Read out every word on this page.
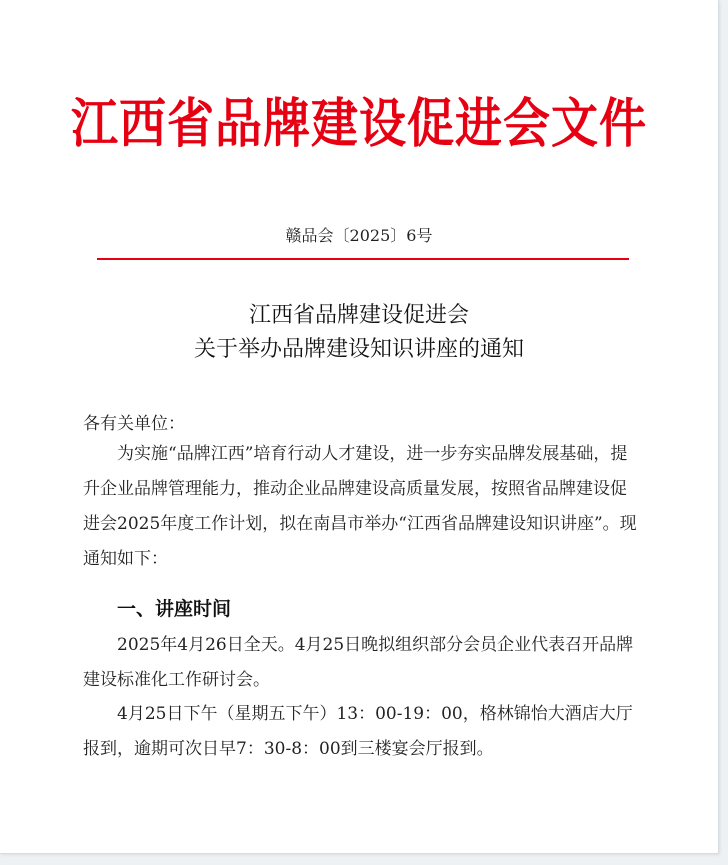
江西省品牌建设促进会文件
赣品会〔2025〕6号
江西省品牌建设促进会
关于举办品牌建设知识讲座的通知
各有关单位：
为实施“品牌江西”培育行动人才建设，进一步夯实品牌发展基础，提升企业品牌管理能力，推动企业品牌建设高质量发展，按照省品牌建设促进会2025年度工作计划，拟在南昌市举办“江西省品牌建设知识讲座”。现通知如下：
一、讲座时间
2025年4月26日全天。4月25日晚拟组织部分会员企业代表召开品牌建设标准化工作研讨会。
4月25日下午（星期五下午）13：00-19：00，格林锦怡大酒店大厅报到，逾期可次日早7：30-8：00到三楼宴会厅报到。
